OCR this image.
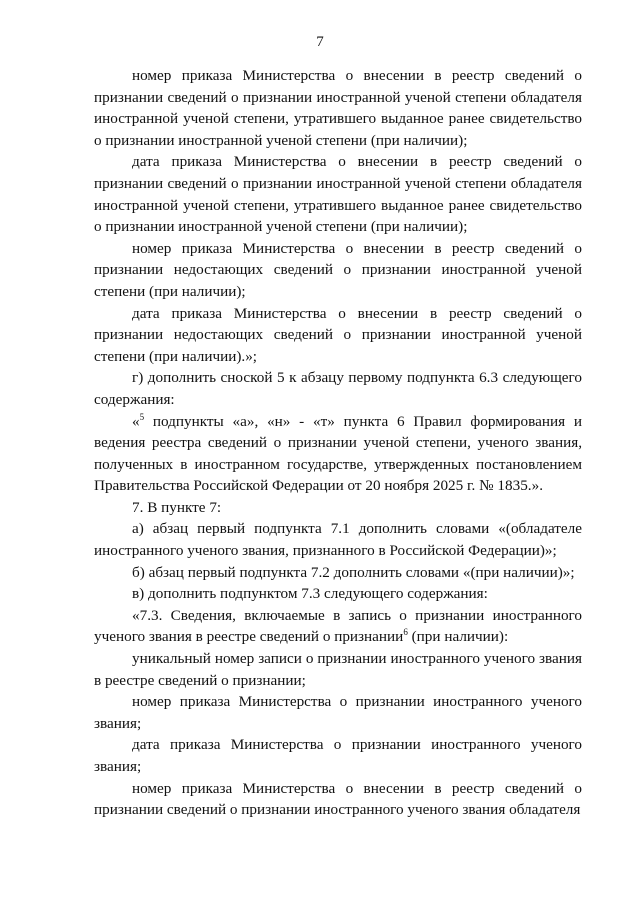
7

номер приказа Министерства о внесении в реестр сведений о признании сведений о признании иностранной ученой степени обладателя иностранной ученой степени, утратившего выданное ранее свидетельство о признании иностранной ученой степени (при наличии);

дата приказа Министерства о внесении в реестр сведений о признании сведений о признании иностранной ученой степени обладателя иностранной ученой степени, утратившего выданное ранее свидетельство о признании иностранной ученой степени (при наличии);

номер приказа Министерства о внесении в реестр сведений о признании недостающих сведений о признании иностранной ученой степени (при наличии);

дата приказа Министерства о внесении в реестр сведений о признании недостающих сведений о признании иностранной ученой степени (при наличии).»;

г) дополнить сноской 5 к абзацу первому подпункта 6.3 следующего содержания:

«$^5$ подпункты «а», «н» - «т» пункта 6 Правил формирования и ведения реестра сведений о признании ученой степени, ученого звания, полученных в иностранном государстве, утвержденных постановлением Правительства Российской Федерации от 20 ноября 2025 г. № 1835.».

7. В пункте 7:

а) абзац первый подпункта 7.1 дополнить словами «(обладателе иностранного ученого звания, признанного в Российской Федерации)»;

б) абзац первый подпункта 7.2 дополнить словами «(при наличии)»;

в) дополнить подпунктом 7.3 следующего содержания:

«7.3. Сведения, включаемые в запись о признании иностранного ученого звания в реестре сведений о признании$^6$ (при наличии):

уникальный номер записи о признании иностранного ученого звания в реестре сведений о признании;

номер приказа Министерства о признании иностранного ученого звания;

дата приказа Министерства о признании иностранного ученого звания;

номер приказа Министерства о внесении в реестр сведений о признании сведений о признании иностранного ученого звания обладателя
